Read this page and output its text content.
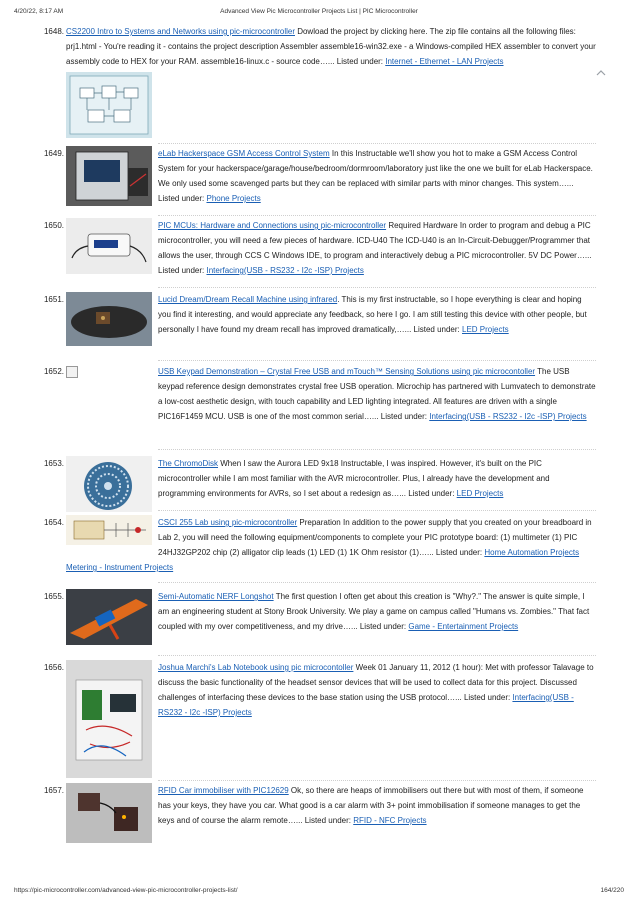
4/20/22, 8:17 AM	Advanced View Pic Microcontroller Projects List | PIC Microcontroller
1648. CS2200 Intro to Systems and Networks using pic-microcontroller Dowload the project by clicking here. The zip file contains all the following files: prj1.html - You're reading it - contains the project description Assembler assemble16-win32.exe - a Windows-compiled HEX assembler to convert your assembly code to HEX for your RAM. assemble16-linux.c - source code…... Listed under: Internet - Ethernet - LAN Projects
1649.	eLab Hackerspace GSM Access Control System In this Instructable we'll show you hot to make a GSM Access Control System for your hackerspace/garage/house/bedroom/dormroom/laboratory just like the one we built for eLab Hackerspace. We only used some scavenged parts but they can be replaced with similar parts with minor changes. This system…... Listed under: Phone Projects
1650.	PIC MCUs: Hardware and Connections using pic-microcontroller Required Hardware In order to program and debug a PIC microcontroller, you will need a few pieces of hardware. ICD-U40 The ICD-U40 is an In-Circuit-Debugger/Programmer that allows the user, through CCS C Windows IDE, to program and interactively debug a PIC microcontroller. 5V DC Power…... Listed under: Interfacing(USB - RS232 - I2c -ISP) Projects
1651.	Lucid Dream/Dream Recall Machine using infrared. This is my first instructable, so I hope everything is clear and hoping you find it interesting, and would appreciate any feedback, so here I go. I am still testing this device with other people, but personally I have found my dream recall has improved dramatically,…... Listed under: LED Projects
1652.	USB Keypad Demonstration – Crystal Free USB and mTouch™ Sensing Solutions using pic microcontoller The USB keypad reference design demonstrates crystal free USB operation. Microchip has partnered with Lumvatech to demonstrate a low-cost aesthetic design, with touch capability and LED lighting integrated. All features are driven with a single PIC16F1459 MCU. USB is one of the most common serial…... Listed under: Interfacing(USB - RS232 - I2c -ISP) Projects
1653.	The ChromoDisk When I saw the Aurora LED 9x18 Instructable, I was inspired. However, it's built on the PIC microcontroller while I am most familiar with the AVR microcontroller. Plus, I already have the development and programming environments for AVRs, so I set about a redesign as…... Listed under: LED Projects
1654.	CSCI 255 Lab using pic-microcontroller Preparation In addition to the power supply that you created on your breadboard in Lab 2, you will need the following equipment/components to complete your PIC prototype board: (1) multimeter (1) PIC 24HJ32GP202 chip (2) alligator clip leads (1) LED (1) 1K Ohm resistor (1)…... Listed under: Home Automation Projects
Metering - Instrument Projects
1655.	Semi-Automatic NERF Longshot The first question I often get about this creation is "Why?." The answer is quite simple, I am an engineering student at Stony Brook University. We play a game on campus called "Humans vs. Zombies." That fact coupled with my over competitiveness, and my drive…... Listed under: Game - Entertainment Projects
1656.	Joshua Marchi's Lab Notebook using pic microcontoller Week 01 January 11, 2012 (1 hour): Met with professor Talavage to discuss the basic functionality of the headset sensor devices that will be used to collect data for this project. Discussed challenges of interfacing these devices to the base station using the USB protocol…... Listed under: Interfacing(USB - RS232 - I2c -ISP) Projects
1657.	RFID Car immobiliser with PIC12629 Ok, so there are heaps of immobilisers out there but with most of them, if someone has your keys, they have you car. What good is a car alarm with 3+ point immobilisation if someone manages to get the keys and of course the alarm remote…... Listed under: RFID - NFC Projects
https://pic-microcontroller.com/advanced-view-pic-microcontroller-projects-list/	164/220
